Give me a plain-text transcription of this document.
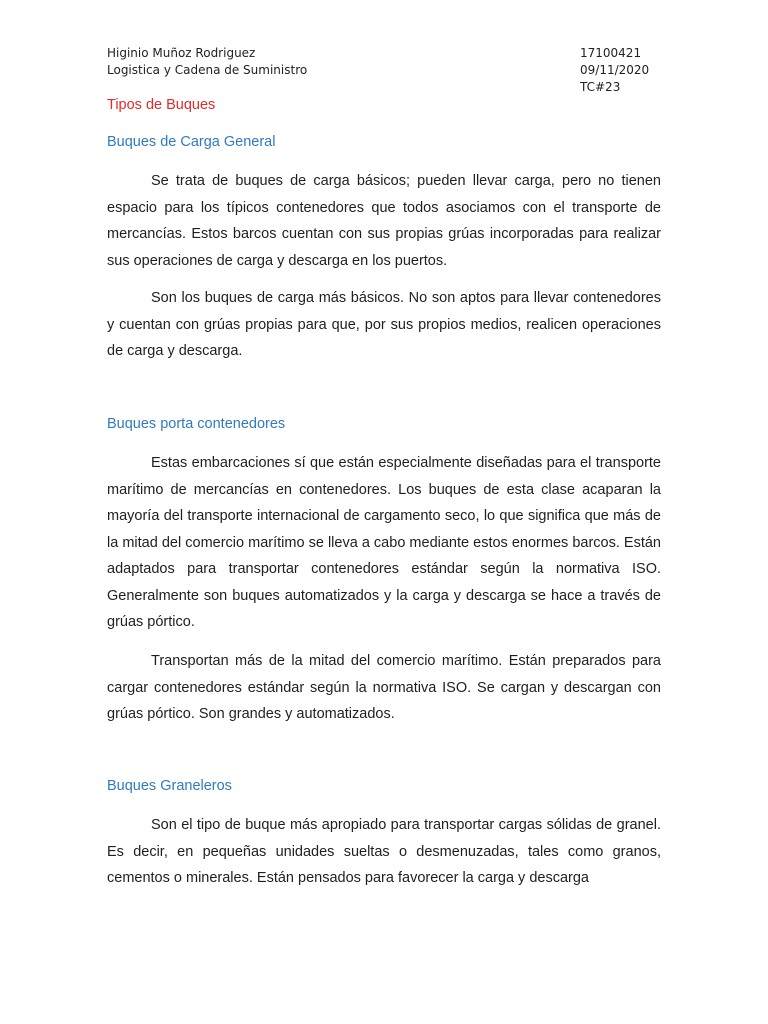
Higinio Muñoz Rodriguez
Logistica y Cadena de Suministro
17100421
09/11/2020
TC#23
Tipos de Buques
Buques de Carga General

Se trata de buques de carga básicos; pueden llevar carga, pero no tienen espacio para los típicos contenedores que todos asociamos con el transporte de mercancías. Estos barcos cuentan con sus propias grúas incorporadas para realizar sus operaciones de carga y descarga en los puertos.

Son los buques de carga más básicos. No son aptos para llevar contenedores y cuentan con grúas propias para que, por sus propios medios, realicen operaciones de carga y descarga.

Buques porta contenedores

Estas embarcaciones sí que están especialmente diseñadas para el transporte marítimo de mercancías en contenedores. Los buques de esta clase acaparan la mayoría del transporte internacional de cargamento seco, lo que significa que más de la mitad del comercio marítimo se lleva a cabo mediante estos enormes barcos. Están adaptados para transportar contenedores estándar según la normativa ISO. Generalmente son buques automatizados y la carga y descarga se hace a través de grúas pórtico.

Transportan más de la mitad del comercio marítimo. Están preparados para cargar contenedores estándar según la normativa ISO. Se cargan y descargan con grúas pórtico. Son grandes y automatizados.

Buques Graneleros

Son el tipo de buque más apropiado para transportar cargas sólidas de granel. Es decir, en pequeñas unidades sueltas o desmenuzadas, tales como granos, cementos o minerales. Están pensados para favorecer la carga y descarga
